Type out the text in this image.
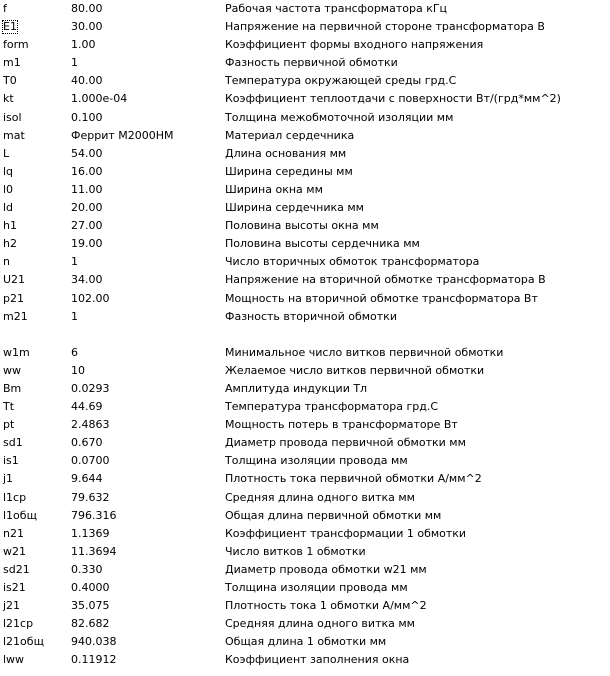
f	80.00	Рабочая частота трансформатора кГц
E1	30.00	Напряжение на первичной стороне трансформатора В
form	1.00	Коэффициент формы входного напряжения
m1	1	Фазность первичной обмотки
T0	40.00	Температура окружающей среды грд.С
kt	1.000e-04	Коэффициент теплоотдачи с поверхности Вт/(грд*мм^2)
isol	0.100	Толщина межобмоточной изоляции мм
mat	Феррит М2000НМ	Материал сердечника
L	54.00	Длина основания мм
lq	16.00	Ширина середины мм
l0	11.00	Ширина окна мм
ld	20.00	Ширина сердечника мм
h1	27.00	Половина высоты окна мм
h2	19.00	Половина высоты сердечника мм
n	1	Число вторичных обмоток трансформатора
U21	34.00	Напряжение на вторичной обмотке трансформатора В
p21	102.00	Мощность на вторичной обмотке трансформатора Вт
m21	1	Фазность вторичной обмотки
w1m	6	Минимальное число витков первичной обмотки
ww	10	Желаемое число витков первичной обмотки
Bm	0.0293	Амплитуда индукции Тл
Tt	44.69	Температура трансформатора грд.С
pt	2.4863	Мощность потерь в трансформаторе Вт
sd1	0.670	Диаметр провода первичной обмотки мм
is1	0.0700	Толщина изоляции провода мм
j1	9.644	Плотность тока первичной обмотки А/мм^2
l1ср	79.632	Средняя длина одного витка мм
l1общ	796.316	Общая длина первичной обмотки мм
n21	1.1369	Коэффициент трансформации 1 обмотки
w21	11.3694	Число витков 1 обмотки
sd21	0.330	Диаметр провода обмотки w21 мм
is21	0.4000	Толщина изоляции провода мм
j21	35.075	Плотность тока 1 обмотки А/мм^2
l21ср	82.682	Средняя длина одного витка мм
l21общ 940.038	Общая длина 1 обмотки мм
lww	0.11912	Коэффициент заполнения окна
